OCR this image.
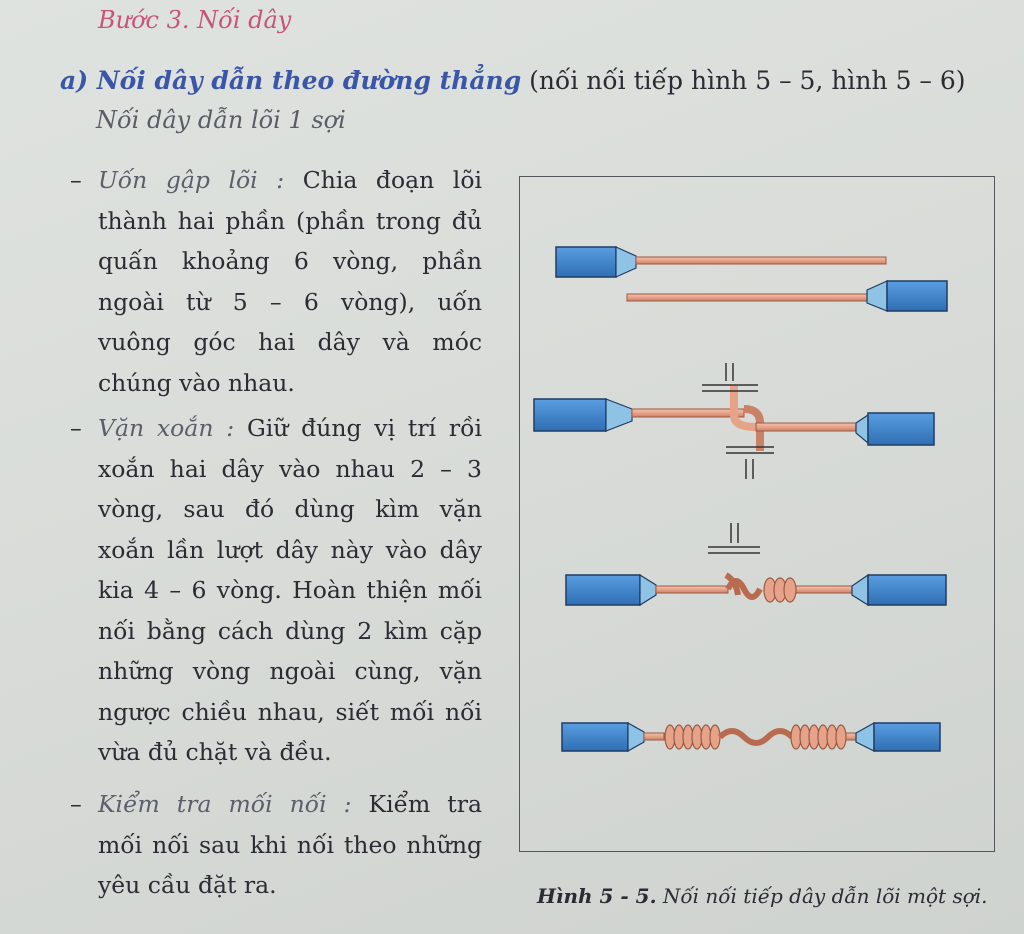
Bước 3. Nối dây
a) Nối dây dẫn theo đường thẳng (nối nối tiếp hình 5 – 5, hình 5 – 6)
Nối dây dẫn lõi 1 sợi
– Uốn gập lõi : Chia đoạn lõi
thành hai phần (phần trong đủ
quấn khoảng 6 vòng, phần
ngoài từ 5 – 6 vòng), uốn
vuông góc hai dây và móc
chúng vào nhau.
– Vặn xoắn : Giữ đúng vị trí rồi
xoắn hai dây vào nhau 2 – 3
vòng, sau đó dùng kìm vặn
xoắn lần lượt dây này vào dây
kia 4 – 6 vòng. Hoàn thiện mối
nối bằng cách dùng 2 kìm cặp
những vòng ngoài cùng, vặn
ngược chiều nhau, siết mối nối
vừa đủ chặt và đều.
– Kiểm tra mối nối : Kiểm tra
mối nối sau khi nối theo những
yêu cầu đặt ra.	Hình 5 - 5. Nối nối tiếp dây dẫn lõi một sợi.
